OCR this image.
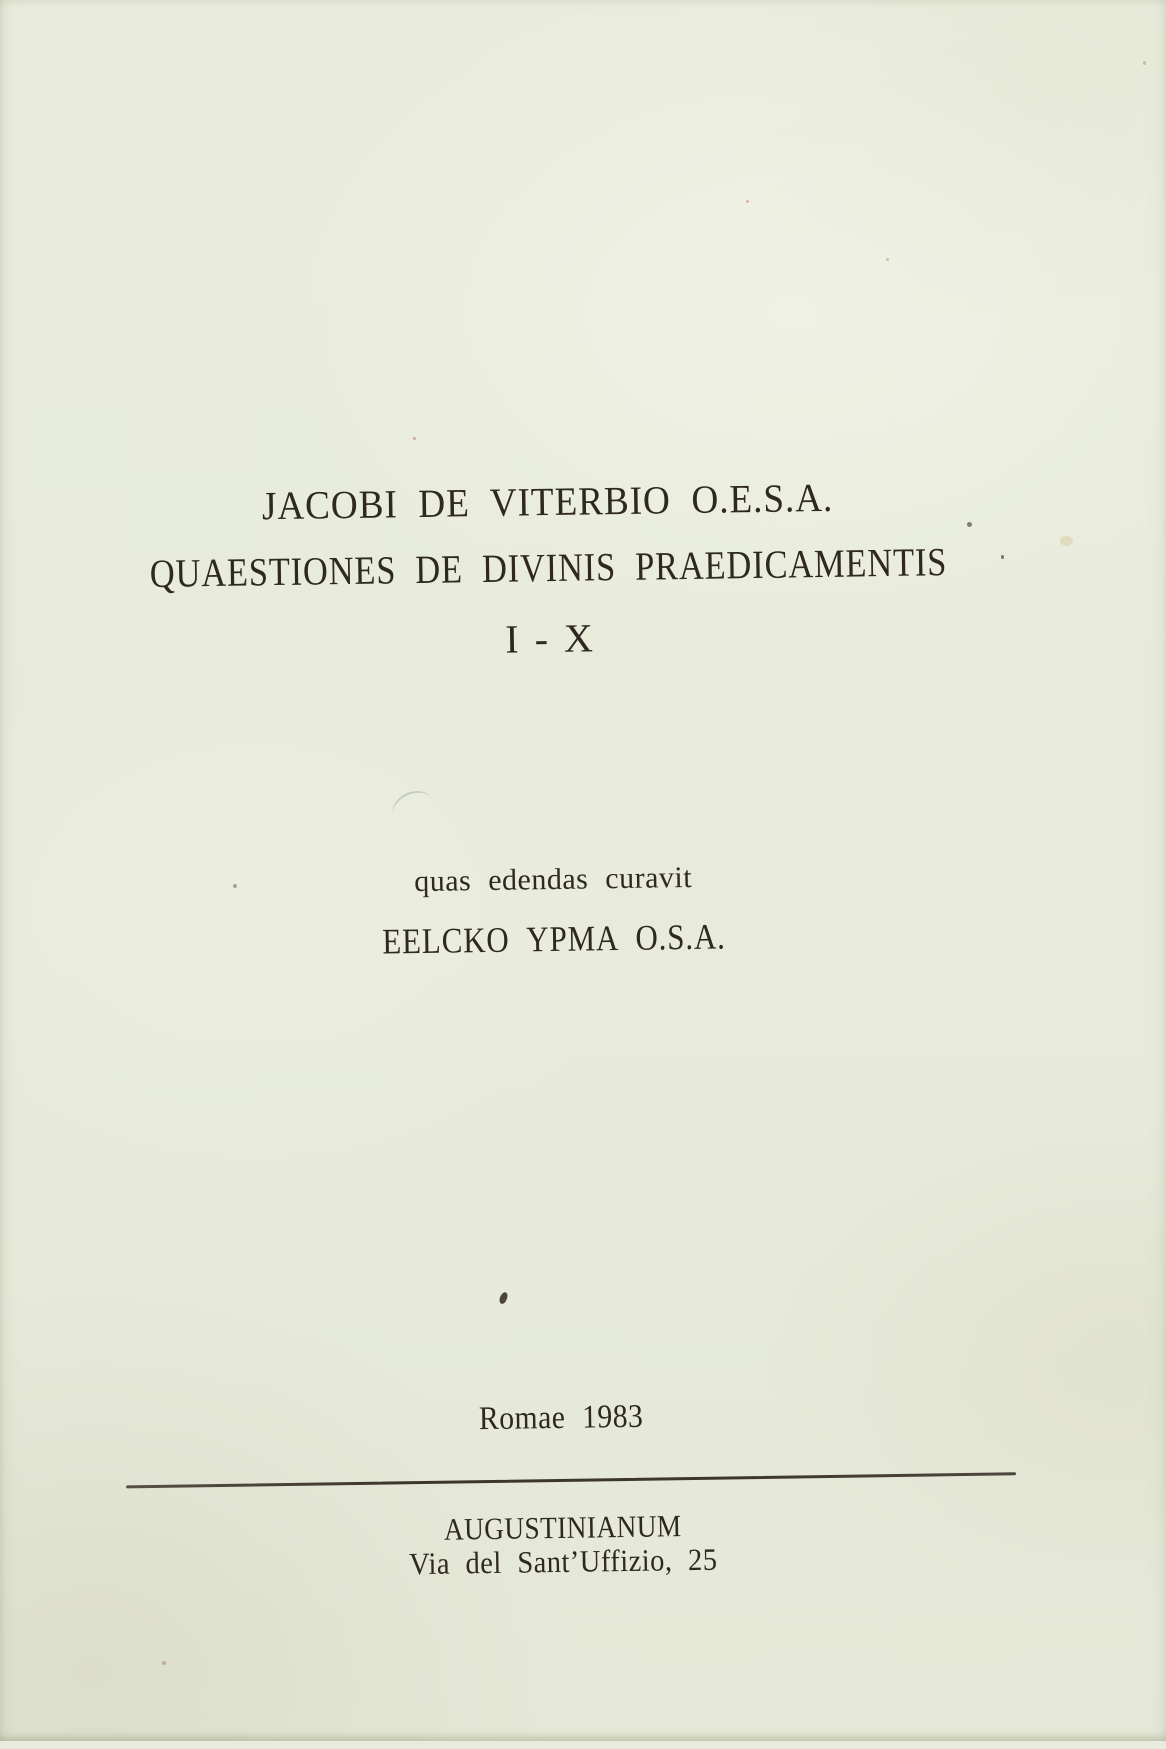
JACOBI DE VITERBIO O.E.S.A.
QUAESTIONES DE DIVINIS PRAEDICAMENTIS
I - X
quas edendas curavit
EELCKO YPMA O.S.A.
Romae 1983
AUGUSTINIANUM
Via del Sant’Uffizio, 25
